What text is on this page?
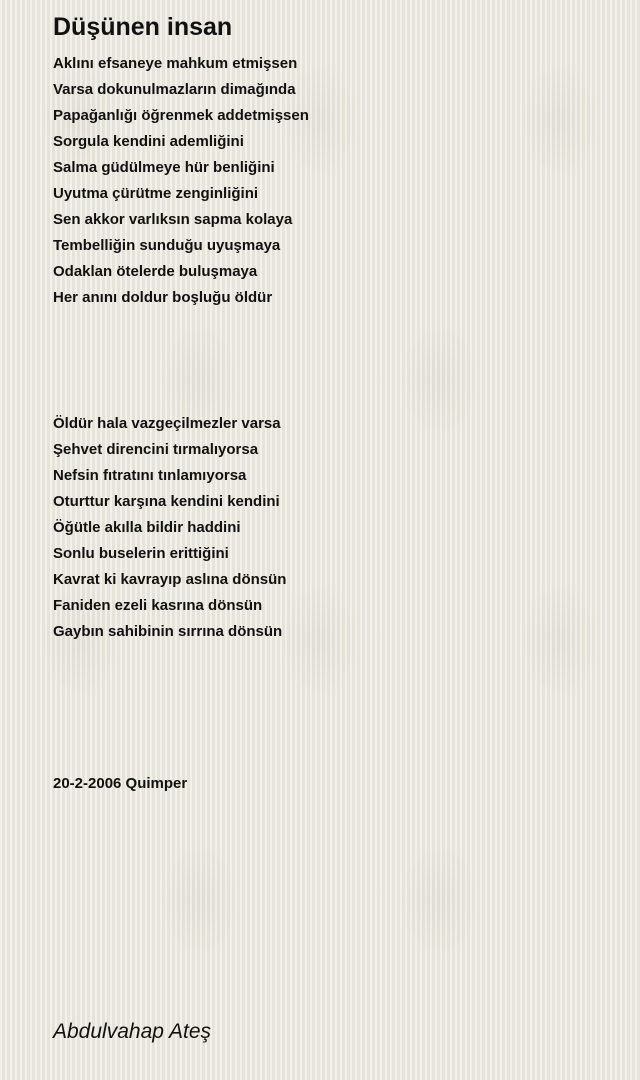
Düşünen insan
Aklını efsaneye mahkum etmişsen
Varsa dokunulmazların dimağında
Papağanlığı öğrenmek addetmişsen
Sorgula kendini ademliğini
Salma güdülmeye hür benliğini
Uyutma çürütme zenginliğini
Sen akkor varlıksın sapma kolaya
Tembelliğin sunduğu uyuşmaya
Odaklan ötelerde buluşmaya
Her anını doldur boşluğu öldür
Öldür hala vazgeçilmezler varsa
Şehvet direncini tırmalıyorsa
Nefsin fıtratını tınlamıyorsa
Oturttur karşına kendini kendini
Öğütle akılla bildir haddini
Sonlu buselerin erittiğini
Kavrat ki kavrayıp aslına dönsün
Faniden ezeli kasrına dönsün
Gaybın sahibinin sırrına dönsün
20-2-2006 Quimper
Abdulvahap Ateş
